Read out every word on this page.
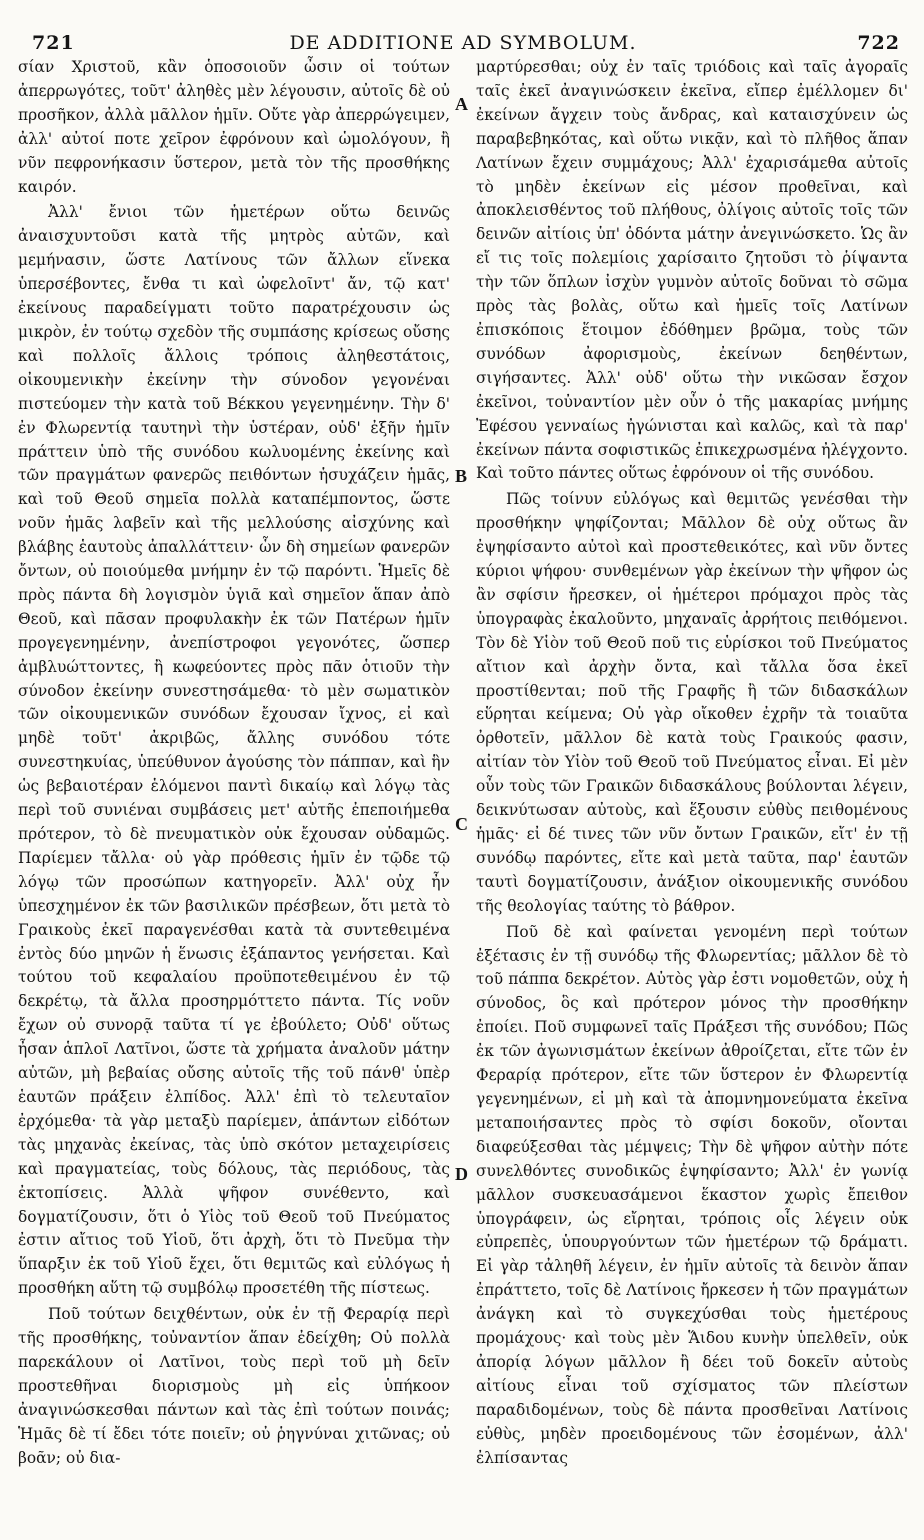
721	DE ADDITIONE AD SYMBOLUM.	722

σίαν Χριστοῦ, κἂν ὁποσοιοῦν ὦσιν οἱ τούτων ἀπερρωγότες, τοῦτ' ἀληθὲς μὲν λέγουσιν, αὐτοῖς δὲ οὐ προσῆκον, ἀλλὰ μᾶλλον ἡμῖν. Οὔτε γὰρ ἀπερρώγειμεν, ἀλλ' αὐτοί ποτε χεῖρον ἐφρόνουν καὶ ὡμολόγουν, ἢ νῦν πεφρονήκασιν ὕστερον, μετὰ τὸν τῆς προσθήκης καιρόν.

Ἀλλ' ἔνιοι τῶν ἡμετέρων οὕτω δεινῶς ἀναισχυντοῦσι κατὰ τῆς μητρὸς αὐτῶν, καὶ μεμήνασιν, ὥστε Λατίνους τῶν ἄλλων εἵνεκα ὑπερσέβοντες, ἔνθα τι καὶ ὠφελοῖντ' ἄν, τῷ κατ' ἐκείνους παραδείγματι τοῦτο παρατρέχουσιν ὡς μικρὸν, ἐν τούτῳ σχεδὸν τῆς συμπάσης κρίσεως οὔσης καὶ πολλοῖς ἄλλοις τρόποις ἀληθεστάτοις, οἰκουμενικὴν ἐκείνην τὴν σύνοδον γεγονέναι πιστεύομεν τὴν κατὰ τοῦ Βέκκου γεγενημένην. Τὴν δ' ἐν Φλωρεντίᾳ ταυτηνὶ τὴν ὑστέραν, οὐδ' ἐξῆν ἡμῖν πράττειν ὑπὸ τῆς συνόδου κωλυομένης ἐκείνης καὶ τῶν πραγμάτων φανερῶς πειθόντων ἡσυχάζειν ἡμᾶς, καὶ τοῦ Θεοῦ σημεῖα πολλὰ καταπέμποντος, ὥστε νοῦν ἡμᾶς λαβεῖν καὶ τῆς μελλούσης αἰσχύνης καὶ βλάβης ἑαυτοὺς ἀπαλλάττειν· ὧν δὴ σημείων φανερῶν ὄντων, οὐ ποιούμεθα μνήμην ἐν τῷ παρόντι. Ἡμεῖς δὲ πρὸς πάντα δὴ λογισμὸν ὑγιᾶ καὶ σημεῖον ἅπαν ἀπὸ Θεοῦ, καὶ πᾶσαν προφυλακὴν ἐκ τῶν Πατέρων ἡμῖν προγεγενημένην, ἀνεπίστροφοι γεγονότες, ὥσπερ ἀμβλυώττοντες, ἢ κωφεύοντες πρὸς πᾶν ὁτιοῦν τὴν σύνοδον ἐκείνην συνεστησάμεθα· τὸ μὲν σωματικὸν τῶν οἰκουμενικῶν συνόδων ἔχουσαν ἴχνος, εἰ καὶ μηδὲ τοῦτ' ἀκριβῶς, ἄλλης συνόδου τότε συνεστηκυίας, ὑπεύθυνον ἀγούσης τὸν πάππαν, καὶ ἣν ὡς βεβαιοτέραν ἑλόμενοι παντὶ δικαίῳ καὶ λόγῳ τὰς περὶ τοῦ συνιέναι συμβάσεις μετ' αὐτῆς ἐπεποιήμεθα πρότερον, τὸ δὲ πνευματικὸν οὐκ ἔχουσαν οὐδαμῶς. Παρίεμεν τἄλλα· οὐ γὰρ πρόθεσις ἡμῖν ἐν τῷδε τῷ λόγῳ τῶν προσώπων κατηγορεῖν. Ἀλλ' οὐχ ἦν ὑπεσχημένον ἐκ τῶν βασιλικῶν πρέσβεων, ὅτι μετὰ τὸ Γραικοὺς ἐκεῖ παραγενέσθαι κατὰ τὰ συντεθειμένα ἐντὸς δύο μηνῶν ἡ ἕνωσις ἐξάπαντος γενήσεται. Καὶ τούτου τοῦ κεφαλαίου προϋποτεθειμένου ἐν τῷ δεκρέτῳ, τὰ ἄλλα προσηρμόττετο πάντα. Τίς νοῦν ἔχων οὐ συνορᾷ ταῦτα τί γε ἐβούλετο; Οὐδ' οὕτως ἦσαν ἁπλοῖ Λατῖνοι, ὥστε τὰ χρήματα ἀναλοῦν μάτην αὐτῶν, μὴ βεβαίας οὔσης αὐτοῖς τῆς τοῦ πάνθ' ὑπὲρ ἑαυτῶν πράξειν ἐλπίδος. Ἀλλ' ἐπὶ τὸ τελευταῖον ἐρχόμεθα· τὰ γὰρ μεταξὺ παρίεμεν, ἁπάντων εἰδότων τὰς μηχανὰς ἐκείνας, τὰς ὑπὸ σκότον μεταχειρίσεις καὶ πραγματείας, τοὺς δόλους, τὰς περιόδους, τὰς ἐκτοπίσεις. Ἀλλὰ ψῆφον συνέθεντο, καὶ δογματίζουσιν, ὅτι ὁ Υἱὸς τοῦ Θεοῦ τοῦ Πνεύματος ἐστιν αἴτιος τοῦ Υἱοῦ, ὅτι ἀρχὴ, ὅτι τὸ Πνεῦμα τὴν ὕπαρξιν ἐκ τοῦ Υἱοῦ ἔχει, ὅτι θεμιτῶς καὶ εὐλόγως ἡ προσθήκη αὕτη τῷ συμβόλῳ προσετέθη τῆς πίστεως.

Ποῦ τούτων δειχθέντων, οὐκ ἐν τῇ Φεραρίᾳ περὶ τῆς προσθήκης, τοὐναντίον ἅπαν ἐδείχθη; Οὐ πολλὰ παρεκάλουν οἱ Λατῖνοι, τοὺς περὶ τοῦ μὴ δεῖν προστεθῆναι διορισμοὺς μὴ εἰς ὑπήκοον ἀναγινώσκεσθαι πάντων καὶ τὰς ἐπὶ τούτων ποινάς; Ἡμᾶς δὲ τί ἔδει τότε ποιεῖν; οὐ ῥηγνύναι χιτῶνας; οὐ βοᾶν; οὐ δια-

A
B
C
D

μαρτύρεσθαι; οὐχ ἐν ταῖς τριόδοις καὶ ταῖς ἀγοραῖς ταῖς ἐκεῖ ἀναγινώσκειν ἐκεῖνα, εἴπερ ἐμέλλομεν δι' ἐκείνων ἄγχειν τοὺς ἄνδρας, καὶ καταισχύνειν ὡς παραβεβηκότας, καὶ οὕτω νικᾷν, καὶ τὸ πλῆθος ἅπαν Λατίνων ἔχειν συμμάχους; Ἀλλ' ἐχαρισάμεθα αὐτοῖς τὸ μηδὲν ἐκείνων εἰς μέσον προθεῖναι, καὶ ἀποκλεισθέντος τοῦ πλήθους, ὀλίγοις αὐτοῖς τοῖς τῶν δεινῶν αἰτίοις ὑπ' ὀδόντα μάτην ἀνεγινώσκετο. Ὡς ἂν εἴ τις τοῖς πολεμίοις χαρίσαιτο ζητοῦσι τὸ ῥίψαντα τὴν τῶν ὅπλων ἰσχὺν γυμνὸν αὐτοῖς δοῦναι τὸ σῶμα πρὸς τὰς βολὰς, οὕτω καὶ ἡμεῖς τοῖς Λατίνων ἐπισκόποις ἕτοιμον ἐδόθημεν βρῶμα, τοὺς τῶν συνόδων ἀφορισμοὺς, ἐκείνων δεηθέντων, σιγήσαντες. Ἀλλ' οὐδ' οὕτω τὴν νικῶσαν ἔσχον ἐκεῖνοι, τοὐναντίον μὲν οὖν ὁ τῆς μακαρίας μνήμης Ἐφέσου γενναίως ἠγώνισται καὶ καλῶς, καὶ τὰ παρ' ἐκείνων πάντα σοφιστικῶς ἐπικεχρωσμένα ἠλέγχοντο. Καὶ τοῦτο πάντες οὕτως ἐφρόνουν οἱ τῆς συνόδου.

Πῶς τοίνυν εὐλόγως καὶ θεμιτῶς γενέσθαι τὴν προσθήκην ψηφίζονται; Μᾶλλον δὲ οὐχ οὕτως ἂν ἐψηφίσαντο αὐτοὶ καὶ προστεθεικότες, καὶ νῦν ὄντες κύριοι ψήφου· συνθεμένων γὰρ ἐκείνων τὴν ψῆφον ὡς ἂν σφίσιν ἤρεσκεν, οἱ ἡμέτεροι πρόμαχοι πρὸς τὰς ὑπογραφὰς ἐκαλοῦντο, μηχαναῖς ἀρρήτοις πειθόμενοι. Τὸν δὲ Υἱὸν τοῦ Θεοῦ ποῦ τις εὑρίσκοι τοῦ Πνεύματος αἴτιον καὶ ἀρχὴν ὄντα, καὶ τἄλλα ὅσα ἐκεῖ προστίθενται; ποῦ τῆς Γραφῆς ἢ τῶν διδασκάλων εὕρηται κείμενα; Οὐ γὰρ οἴκοθεν ἐχρῆν τὰ τοιαῦτα ὀρθοτεῖν, μᾶλλον δὲ κατὰ τοὺς Γραικούς φασιν, αἰτίαν τὸν Υἱὸν τοῦ Θεοῦ τοῦ Πνεύματος εἶναι. Εἰ μὲν οὖν τοὺς τῶν Γραικῶν διδασκάλους βούλονται λέγειν, δεικνύτωσαν αὐτοὺς, καὶ ἕξουσιν εὐθὺς πειθομένους ἡμᾶς· εἰ δέ τινες τῶν νῦν ὄντων Γραικῶν, εἴτ' ἐν τῇ συνόδῳ παρόντες, εἴτε καὶ μετὰ ταῦτα, παρ' ἑαυτῶν ταυτὶ δογματίζουσιν, ἀνάξιον οἰκουμενικῆς συνόδου τῆς θεολογίας ταύτης τὸ βάθρον.

Ποῦ δὲ καὶ φαίνεται γενομένη περὶ τούτων ἐξέτασις ἐν τῇ συνόδῳ τῆς Φλωρεντίας; μᾶλλον δὲ τὸ τοῦ πάππα δεκρέτον. Αὐτὸς γὰρ ἐστι νομοθετῶν, οὐχ ἡ σύνοδος, ὃς καὶ πρότερον μόνος τὴν προσθήκην ἐποίει. Ποῦ συμφωνεῖ ταῖς Πράξεσι τῆς συνόδου; Πῶς ἐκ τῶν ἀγωνισμάτων ἐκείνων ἀθροίζεται, εἴτε τῶν ἐν Φεραρίᾳ πρότερον, εἴτε τῶν ὕστερον ἐν Φλωρεντίᾳ γεγενημένων, εἰ μὴ καὶ τὰ ἀπομνημονεύματα ἐκεῖνα μεταποιήσαντες πρὸς τὸ σφίσι δοκοῦν, οἴονται διαφεύξεσθαι τὰς μέμψεις; Τὴν δὲ ψῆφον αὐτὴν πότε συνελθόντες συνοδικῶς ἐψηφίσαντο; Ἀλλ' ἐν γωνίᾳ μᾶλλον συσκευασάμενοι ἕκαστον χωρὶς ἔπειθον ὑπογράφειν, ὡς εἴρηται, τρόποις οἷς λέγειν οὐκ εὐπρεπὲς, ὑπουργούντων τῶν ἡμετέρων τῷ δράματι. Εἰ γὰρ τἀληθῆ λέγειν, ἐν ἡμῖν αὐτοῖς τὰ δεινὸν ἅπαν ἐπράττετο, τοῖς δὲ Λατίνοις ἤρκεσεν ἡ τῶν πραγμάτων ἀνάγκη καὶ τὸ συγκεχύσθαι τοὺς ἡμετέρους προμάχους· καὶ τοὺς μὲν Ἅιδου κυνὴν ὑπελθεῖν, οὐκ ἀπορίᾳ λόγων μᾶλλον ἢ δέει τοῦ δοκεῖν αὐτοὺς αἰτίους εἶναι τοῦ σχίσματος τῶν πλείστων παραδιδομένων, τοὺς δὲ πάντα προσθεῖναι Λατίνοις εὐθὺς, μηδὲν προειδομένους τῶν ἐσομένων, ἀλλ' ἐλπίσαντας
